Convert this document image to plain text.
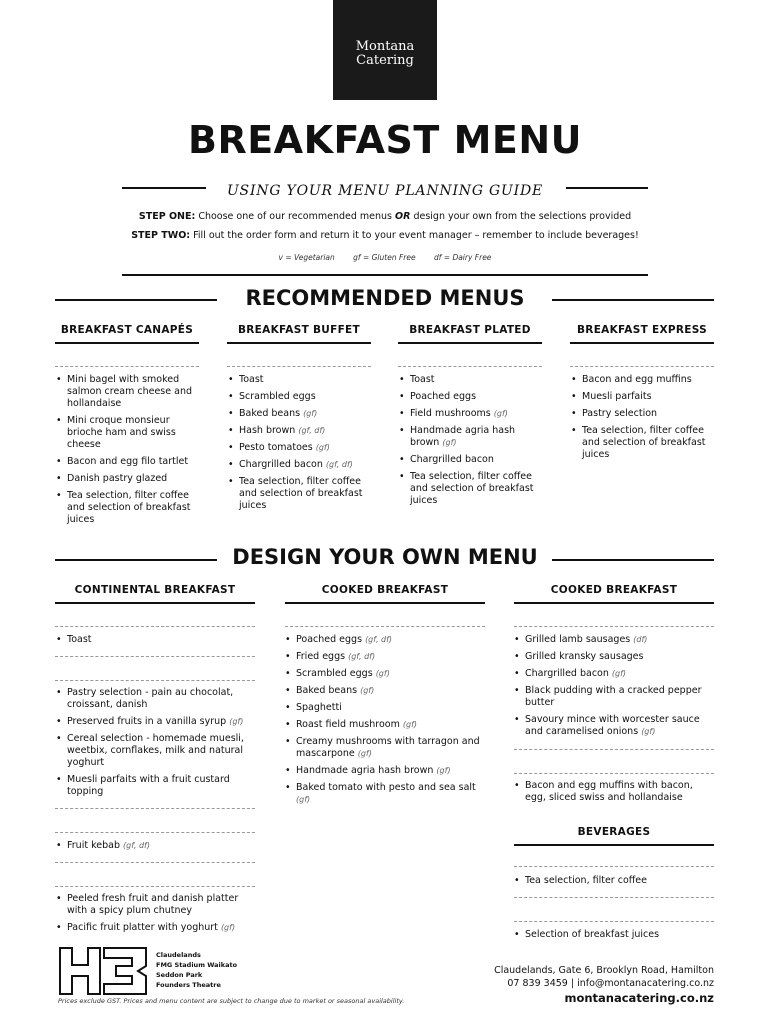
Montana
Catering
BREAKFAST MENU
USING YOUR MENU PLANNING GUIDE
STEP ONE: Choose one of our recommended menus OR design your own from the selections provided
STEP TWO: Fill out the order form and return it to your event manager – remember to include beverages!
v = Vegetarian gf = Gluten Free df = Dairy Free
RECOMMENDED MENUS
DESIGN YOUR OWN MENU
Claudelands
FMG Stadium Waikato
Seddon Park
Founders Theatre
Claudelands, Gate 6, Brooklyn Road, Hamilton
07 839 3459 | info@montanacatering.co.nz
montanacatering.co.nz
Prices exclude GST. Prices and menu content are subject to change due to market or seasonal availability.
BREAKFAST CANAPÉS
• Mini bagel with smoked salmon cream cheese and hollandaise
• Mini croque monsieur brioche ham and swiss cheese
• Bacon and egg filo tartlet
• Danish pastry glazed
• Tea selection, filter coffee and selection of breakfast juices
BREAKFAST BUFFET
• Toast
• Scrambled eggs
• Baked beans (gf)
• Hash brown (gf, df)
• Pesto tomatoes (gf)
• Chargrilled bacon (gf, df)
• Tea selection, filter coffee and selection of breakfast juices
BREAKFAST PLATED
• Toast
• Poached eggs
• Field mushrooms (gf)
• Handmade agria hash brown (gf)
• Chargrilled bacon
• Tea selection, filter coffee and selection of breakfast juices
BREAKFAST EXPRESS
• Bacon and egg muffins
• Muesli parfaits
• Pastry selection
• Tea selection, filter coffee and selection of breakfast juices
CONTINENTAL BREAKFAST
• Toast
• Pastry selection - pain au chocolat, croissant, danish
• Preserved fruits in a vanilla syrup (gf)
• Cereal selection - homemade muesli, weetbix, cornflakes, milk and natural yoghurt
• Muesli parfaits with a fruit custard topping
• Fruit kebab (gf, df)
• Peeled fresh fruit and danish platter with a spicy plum chutney
• Pacific fruit platter with yoghurt (gf)
COOKED BREAKFAST
• Poached eggs (gf, df)
• Fried eggs (gf, df)
• Scrambled eggs (gf)
• Baked beans (gf)
• Spaghetti
• Roast field mushroom (gf)
• Creamy mushrooms with tarragon and mascarpone (gf)
• Handmade agria hash brown (gf)
• Baked tomato with pesto and sea salt (gf)
COOKED BREAKFAST
• Grilled lamb sausages (df)
• Grilled kransky sausages
• Chargrilled bacon (gf)
• Black pudding with a cracked pepper butter
• Savoury mince with worcester sauce and caramelised onions (gf)
• Bacon and egg muffins with bacon, egg, sliced swiss and hollandaise
BEVERAGES
• Tea selection, filter coffee
• Selection of breakfast juices
